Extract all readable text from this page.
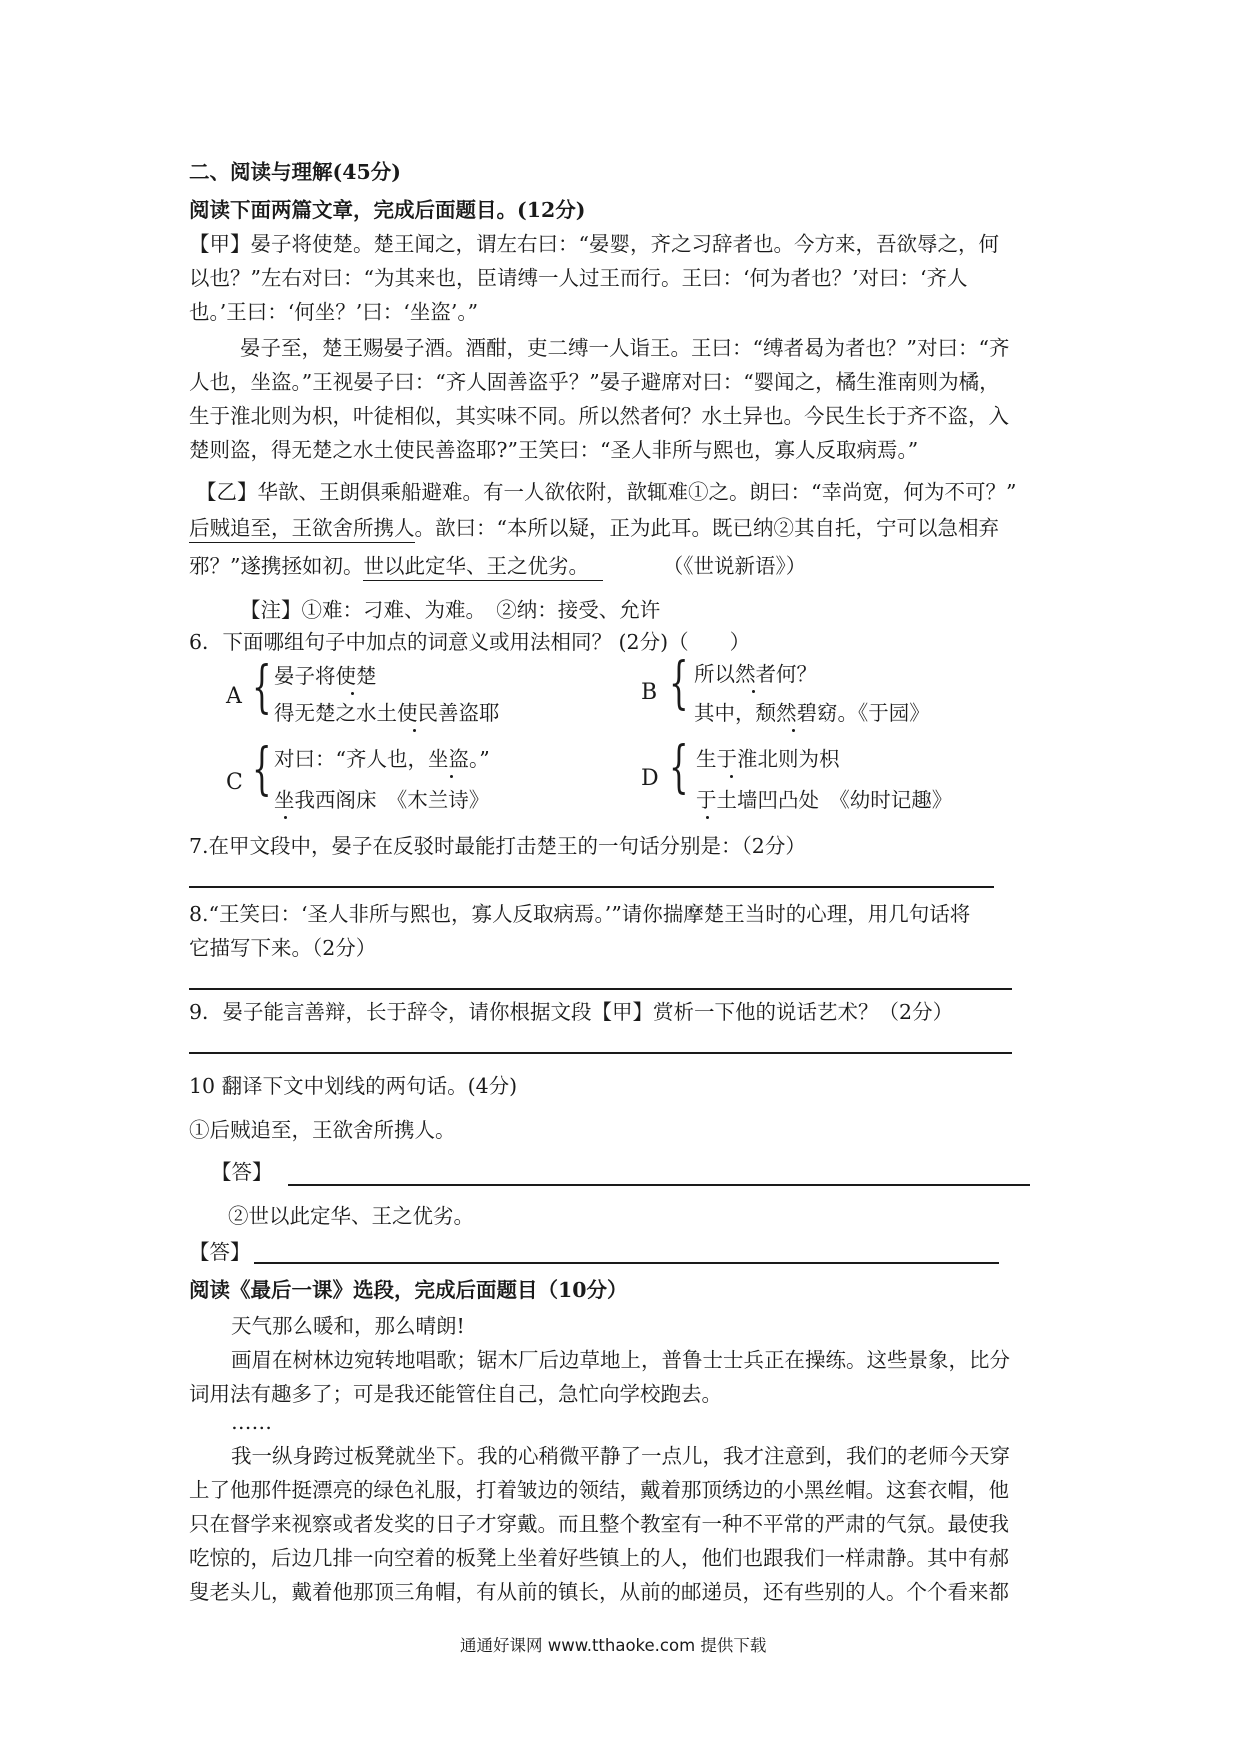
二、阅读与理解(45分)
阅读下面两篇文章，完成后面题目。(12分)
【甲】晏子将使楚。楚王闻之，谓左右曰：“晏婴，齐之习辞者也。今方来，吾欲辱之，何
以也？”左右对曰：“为其来也，臣请缚一人过王而行。王曰：‘何为者也？’对曰：‘齐人
也。’王曰：‘何坐？’曰：‘坐盗’。”
晏子至，楚王赐晏子酒。酒酣，吏二缚一人诣王。王曰：“缚者曷为者也？”对曰：“齐
人也，坐盗。”王视晏子曰：“齐人固善盗乎？”晏子避席对曰：“婴闻之，橘生淮南则为橘，
生于淮北则为枳，叶徒相似，其实味不同。所以然者何？水土异也。今民生长于齐不盗，入
楚则盗，得无楚之水土使民善盗耶?”王笑曰：“圣人非所与熙也，寡人反取病焉。”
【乙】华歆、王朗俱乘船避难。有一人欲依附，歆辄难①之。朗曰：“幸尚宽，何为不可？”
后贼追至，王欲舍所携人。歆曰：“本所以疑，正为此耳。既已纳②其自托，宁可以急相弃
邪？”遂携拯如初。世以此定华、王之优劣。	（《世说新语》）
【注】①难：刁难、为难。　②纳：接受、允许
6．下面哪组句子中加点的词意义或用法相同？ (2分)（　　）
A { 晏子将使楚
得无楚之水土使民善盗耶
B { 所以然者何？
其中，颓然碧窈。《于园》
C { 对曰：“齐人也，坐盗。”
坐我西阁床　《木兰诗》
D { 生于淮北则为枳
于土墙凹凸处　《幼时记趣》
7.在甲文段中，晏子在反驳时最能打击楚王的一句话分别是：（2分）
8.“王笑曰：‘圣人非所与熙也，寡人反取病焉。’”请你揣摩楚王当时的心理，用几句话将
它描写下来。（2分）
9．晏子能言善辩，长于辞令，请你根据文段【甲】赏析一下他的说话艺术？（2分）
10 翻译下文中划线的两句话。(4分)
①后贼追至，王欲舍所携人。
【答】
②世以此定华、王之优劣。
【答】
阅读《最后一课》选段，完成后面题目（10分）
天气那么暖和，那么晴朗!
画眉在树林边宛转地唱歌；锯木厂后边草地上，普鲁士士兵正在操练。这些景象，比分
词用法有趣多了；可是我还能管住自己，急忙向学校跑去。
……
我一纵身跨过板凳就坐下。我的心稍微平静了一点儿，我才注意到，我们的老师今天穿
上了他那件挺漂亮的绿色礼服，打着皱边的领结，戴着那顶绣边的小黑丝帽。这套衣帽，他
只在督学来视察或者发奖的日子才穿戴。而且整个教室有一种不平常的严肃的气氛。最使我
吃惊的，后边几排一向空着的板凳上坐着好些镇上的人，他们也跟我们一样肃静。其中有郝
叟老头儿，戴着他那顶三角帽，有从前的镇长，从前的邮递员，还有些别的人。个个看来都
通通好课网 www.tthaoke.com 提供下载
